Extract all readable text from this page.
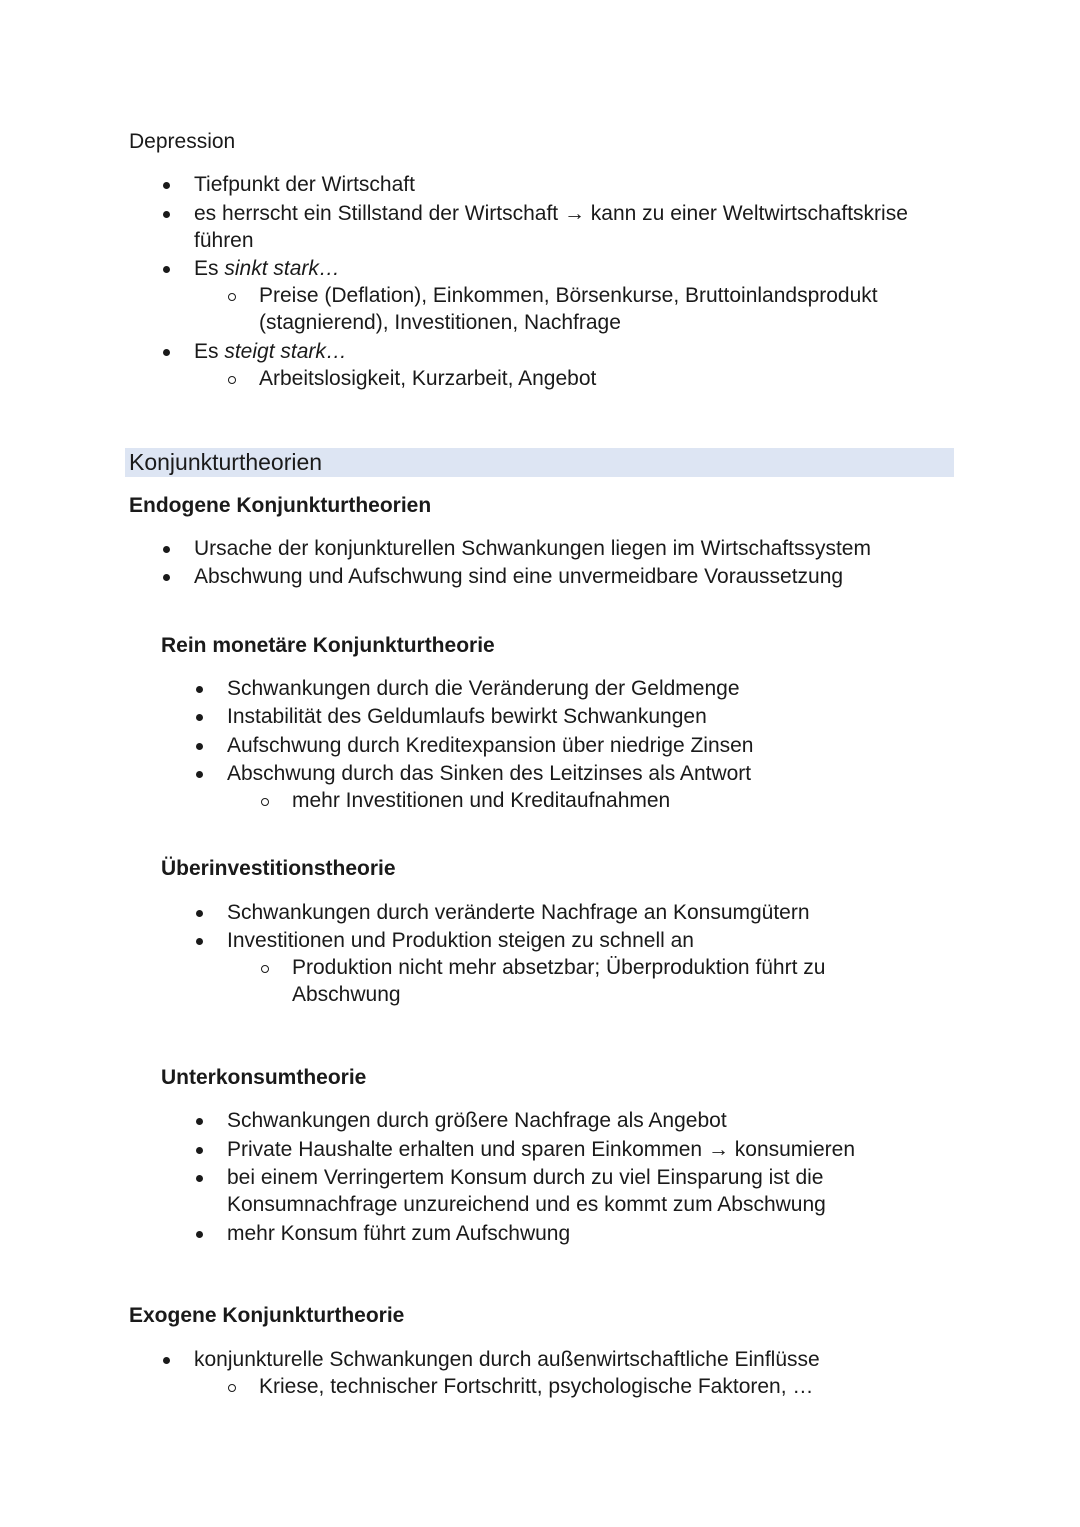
Depression
Tiefpunkt der Wirtschaft
es herrscht ein Stillstand der Wirtschaft → kann zu einer Weltwirtschaftskrise
führen
Es sinkt stark…
Preise (Deflation), Einkommen, Börsenkurse, Bruttoinlandsprodukt
(stagnierend), Investitionen, Nachfrage
Es steigt stark…
Arbeitslosigkeit, Kurzarbeit, Angebot
Konjunkturtheorien
Endogene Konjunkturtheorien
Ursache der konjunkturellen Schwankungen liegen im Wirtschaftssystem
Abschwung und Aufschwung sind eine unvermeidbare Voraussetzung
Rein monetäre Konjunkturtheorie
Schwankungen durch die Veränderung der Geldmenge
Instabilität des Geldumlaufs bewirkt Schwankungen
Aufschwung durch Kreditexpansion über niedrige Zinsen
Abschwung durch das Sinken des Leitzinses als Antwort
mehr Investitionen und Kreditaufnahmen
Überinvestitionstheorie
Schwankungen durch veränderte Nachfrage an Konsumgütern
Investitionen und Produktion steigen zu schnell an
Produktion nicht mehr absetzbar; Überproduktion führt zu
Abschwung
Unterkonsumtheorie
Schwankungen durch größere Nachfrage als Angebot
Private Haushalte erhalten und sparen Einkommen → konsumieren
bei einem Verringertem Konsum durch zu viel Einsparung ist die
Konsumnachfrage unzureichend und es kommt zum Abschwung
mehr Konsum führt zum Aufschwung
Exogene Konjunkturtheorie
konjunkturelle Schwankungen durch außenwirtschaftliche Einflüsse
Kriese, technischer Fortschritt, psychologische Faktoren, …
